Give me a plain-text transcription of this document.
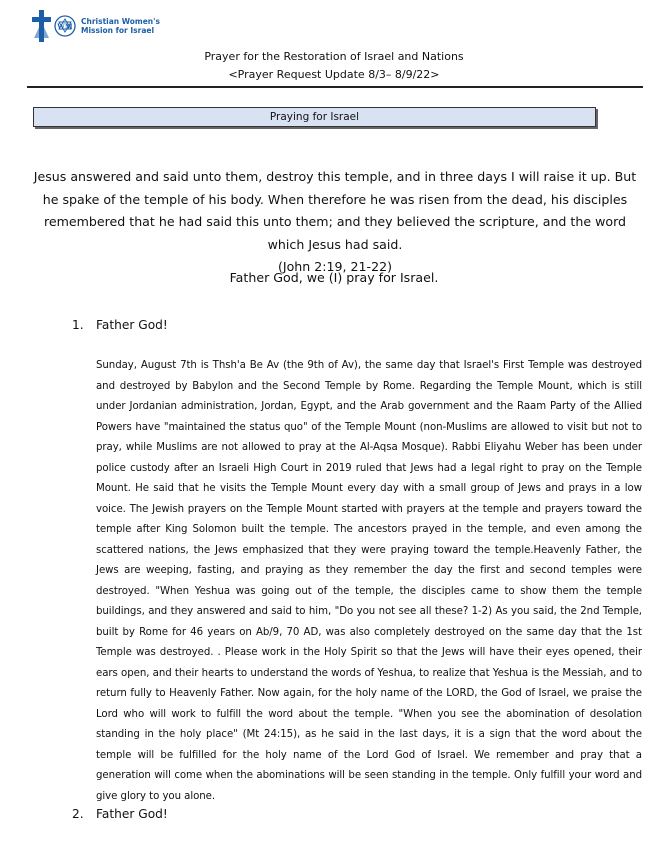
WM
Christian Women's
Mission for Israel
Prayer for the Restoration of Israel and Nations
<Prayer Request Update 8/3– 8/9/22>
Praying for Israel

Jesus answered and said unto them, destroy this temple, and in three days I will raise it up. But he spake of the temple of his body. When therefore he was risen from the dead, his disciples remembered that he had said this unto them; and they believed the scripture, and the word which Jesus had said.

(John 2:19, 21-22)

Father God, we (I) pray for Israel.
1. Father God!

Sunday, August 7th is Thsh'a Be Av (the 9th of Av), the same day that Israel's First Temple was destroyed and destroyed by Babylon and the Second Temple by Rome. Regarding the Temple Mount, which is still under Jordanian administration, Jordan, Egypt, and the Arab government and the Raam Party of the Allied Powers have "maintained the status quo" of the Temple Mount (non-Muslims are allowed to visit but not to pray, while Muslims are not allowed to pray at the Al-Aqsa Mosque). Rabbi Eliyahu Weber has been under police custody after an Israeli High Court in 2019 ruled that Jews had a legal right to pray on the Temple Mount. He said that he visits the Temple Mount every day with a small group of Jews and prays in a low voice. The Jewish prayers on the Temple Mount started with prayers at the temple and prayers toward the temple after King Solomon built the temple. The ancestors prayed in the temple, and even among the scattered nations, the Jews emphasized that they were praying toward the temple.Heavenly Father, the Jews are weeping, fasting, and praying as they remember the day the first and second temples were destroyed. "When Yeshua was going out of the temple, the disciples came to show them the temple buildings, and they answered and said to him, "Do you not see all these? 1-2) As you said, the 2nd Temple, built by Rome for 46 years on Ab/9, 70 AD, was also completely destroyed on the same day that the 1st Temple was destroyed. . Please work in the Holy Spirit so that the Jews will have their eyes opened, their ears open, and their hearts to understand the words of Yeshua, to realize that Yeshua is the Messiah, and to return fully to Heavenly Father. Now again, for the holy name of the LORD, the God of Israel, we praise the Lord who will work to fulfill the word about the temple. "When you see the abomination of desolation standing in the holy place" (Mt 24:15), as he said in the last days, it is a sign that the word about the temple will be fulfilled for the holy name of the Lord God of Israel. We remember and pray that a generation will come when the abominations will be seen standing in the temple. Only fulfill your word and give glory to you alone.

2. Father God!
